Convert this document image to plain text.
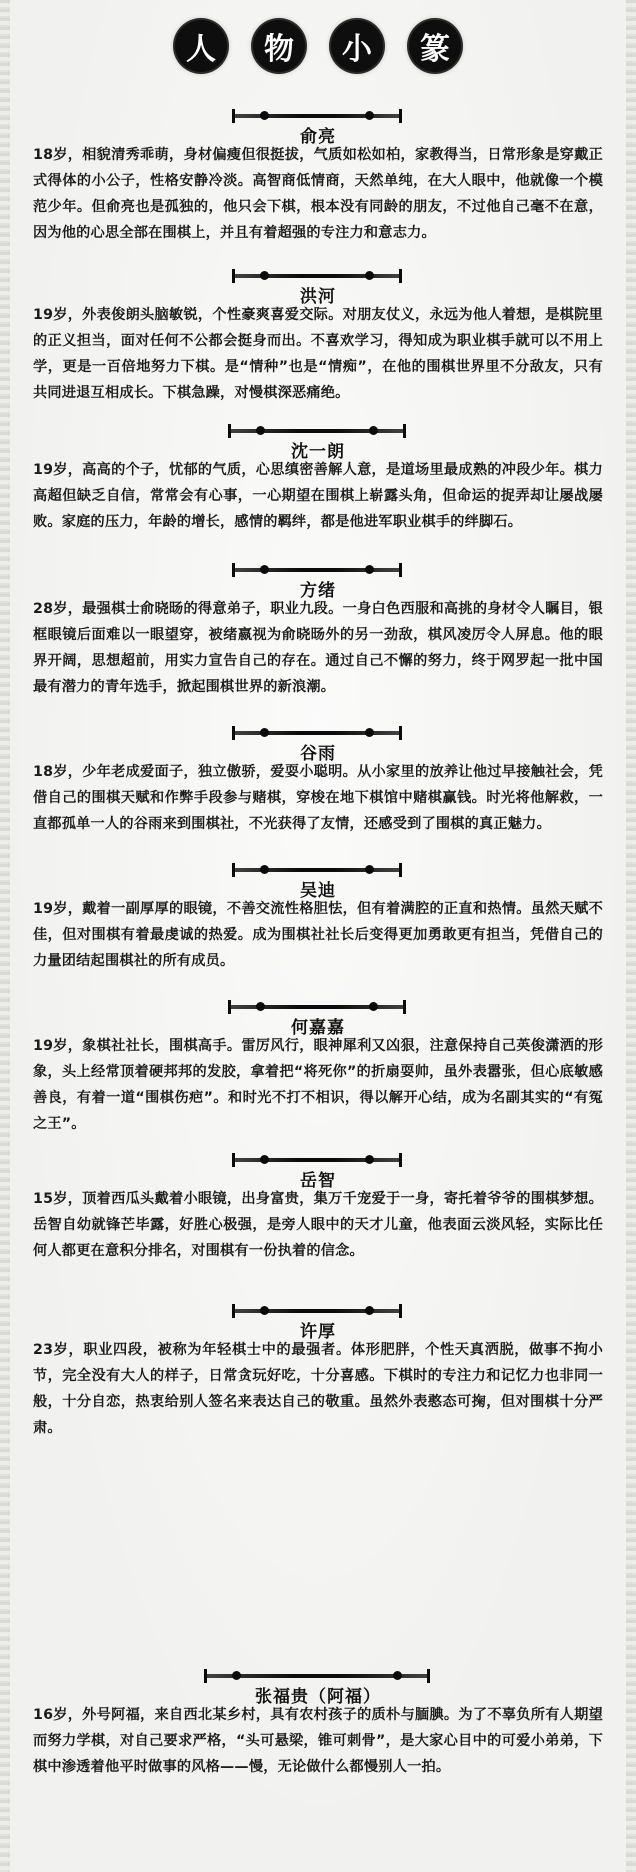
人	物	小	篆
俞亮

18岁，相貌清秀乖萌，身材偏瘦但很挺拔，气质如松如柏，家教得当，日常形象是穿戴正式得体的小公子，性格安静冷淡。高智商低情商，天然单纯，在大人眼中，他就像一个模范少年。但俞亮也是孤独的，他只会下棋，根本没有同龄的朋友，不过他自己毫不在意，因为他的心思全部在围棋上，并且有着超强的专注力和意志力。

洪河

19岁，外表俊朗头脑敏锐，个性豪爽喜爱交际。对朋友仗义，永远为他人着想，是棋院里的正义担当，面对任何不公都会挺身而出。不喜欢学习，得知成为职业棋手就可以不用上学，更是一百倍地努力下棋。是“情种”也是“情痴”，在他的围棋世界里不分敌友，只有共同进退互相成长。下棋急躁，对慢棋深恶痛绝。

沈一朗

19岁，高高的个子，忧郁的气质，心思缜密善解人意，是道场里最成熟的冲段少年。棋力高超但缺乏自信，常常会有心事，一心期望在围棋上崭露头角，但命运的捉弄却让屡战屡败。家庭的压力，年龄的增长，感情的羁绊，都是他进军职业棋手的绊脚石。

方绪

28岁，最强棋士俞晓旸的得意弟子，职业九段。一身白色西服和高挑的身材令人瞩目，银框眼镜后面难以一眼望穿，被绪嬴视为俞晓旸外的另一劲敌，棋风凌厉令人屏息。他的眼界开阔，思想超前，用实力宣告自己的存在。通过自己不懈的努力，终于网罗起一批中国最有潜力的青年选手，掀起围棋世界的新浪潮。

谷雨

18岁，少年老成爱面子，独立傲骄，爱耍小聪明。从小家里的放养让他过早接触社会，凭借自己的围棋天赋和作弊手段参与赌棋，穿梭在地下棋馆中赌棋赢钱。时光将他解救，一直都孤单一人的谷雨来到围棋社，不光获得了友情，还感受到了围棋的真正魅力。

吴迪

19岁，戴着一副厚厚的眼镜，不善交流性格胆怯，但有着满腔的正直和热情。虽然天赋不佳，但对围棋有着最虔诚的热爱。成为围棋社社长后变得更加勇敢更有担当，凭借自己的力量团结起围棋社的所有成员。

何嘉嘉

19岁，象棋社社长，围棋高手。雷厉风行，眼神犀利又凶狠，注意保持自己英俊潇洒的形象，头上经常顶着硬邦邦的发胶，拿着把“将死你”的折扇耍帅，虽外表嚣张，但心底敏感善良，有着一道“围棋伤疤”。和时光不打不相识，得以解开心结，成为名副其实的“有冤之王”。

岳智

15岁，顶着西瓜头戴着小眼镜，出身富贵，集万千宠爱于一身，寄托着爷爷的围棋梦想。岳智自幼就锋芒毕露，好胜心极强，是旁人眼中的天才儿童，他表面云淡风轻，实际比任何人都更在意积分排名，对围棋有一份执着的信念。

许厚

23岁，职业四段，被称为年轻棋士中的最强者。体形肥胖，个性天真洒脱，做事不拘小节，完全没有大人的样子，日常贪玩好吃，十分喜感。下棋时的专注力和记忆力也非同一般，十分自恋，热衷给别人签名来表达自己的敬重。虽然外表憨态可掬，但对围棋十分严肃。

张福贵（阿福）

16岁，外号阿福，来自西北某乡村，具有农村孩子的质朴与腼腆。为了不辜负所有人期望而努力学棋，对自己要求严格，“头可悬梁，锥可刺骨”，是大家心目中的可爱小弟弟，下棋中渗透着他平时做事的风格——慢，无论做什么都慢别人一拍。
